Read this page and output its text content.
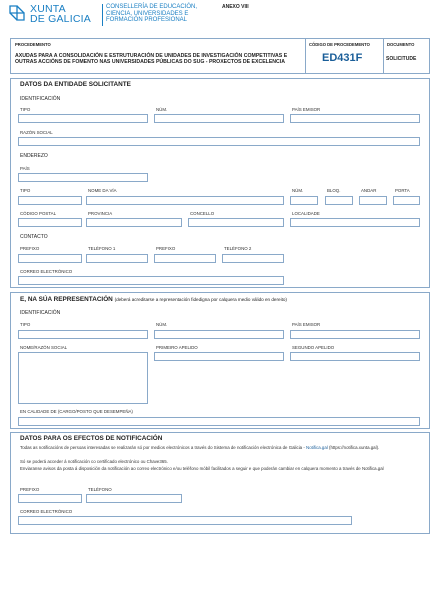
XUNTA
DE GALICIA
CONSELLERÍA DE EDUCACIÓN,
CIENCIA, UNIVERSIDADES E
FORMACIÓN PROFESIONAL
ANEXO VIII
PROCEDEMENTO	CÓDIGO DE PROCEDEMENTO	DOCUMENTO
AXUDAS PARA A CONSOLIDACIÓN E ESTRUTURACIÓN DE UNIDADES DE INVESTIGACIÓN COMPETITIVAS E OUTRAS ACCIÓNS DE FOMENTO NAS UNIVERSIDADES PÚBLICAS DO SUG - PROXECTOS DE EXCELENCIA	ED431F	SOLICITUDE
DATOS DA ENTIDADE SOLICITANTE
IDENTIFICACIÓN
TIPO	NÚM.	PAÍS EMISOR
RAZÓN SOCIAL
ENDEREZO
PAÍS
TIPO	NOME DA VÍA	NÚM.	BLOQ.	ANDAR	PORTA
CÓDIGO POSTAL	PROVINCIA	CONCELLO	LOCALIDADE
CONTACTO
PREFIXO	TELÉFONO 1	PREFIXO	TELÉFONO 2
CORREO ELECTRÓNICO
E, NA SÚA REPRESENTACIÓN (deberá acreditarse a representación fidedigna por calquera medio válido en dereito)
IDENTIFICACIÓN
TIPO	NÚM.	PAÍS EMISOR
NOME/RAZÓN SOCIAL	PRIMEIRO APELIDO	SEGUNDO APELIDO
EN CALIDADE DE (CARGO/POSTO QUE DESEMPEÑA)
DATOS PARA OS EFECTOS DE NOTIFICACIÓN
Todas as notificacións de persoas interesadas se realizarán só por medios electrónicos a través do Sistema de notificación electrónica de Galicia - Notifica.gal (https://notifica.xunta.gal).
Só se poderá acceder á notificación co certificado electrónico ou Chave365.
Enviaranse avisos da posta á disposición da notificación ao correo electrónico e/ou teléfono móbil facilitados a seguir e que poderán cambiar en calquera momento a través de Notifica.gal
PREFIXO	TELÉFONO
CORREO ELECTRÓNICO
